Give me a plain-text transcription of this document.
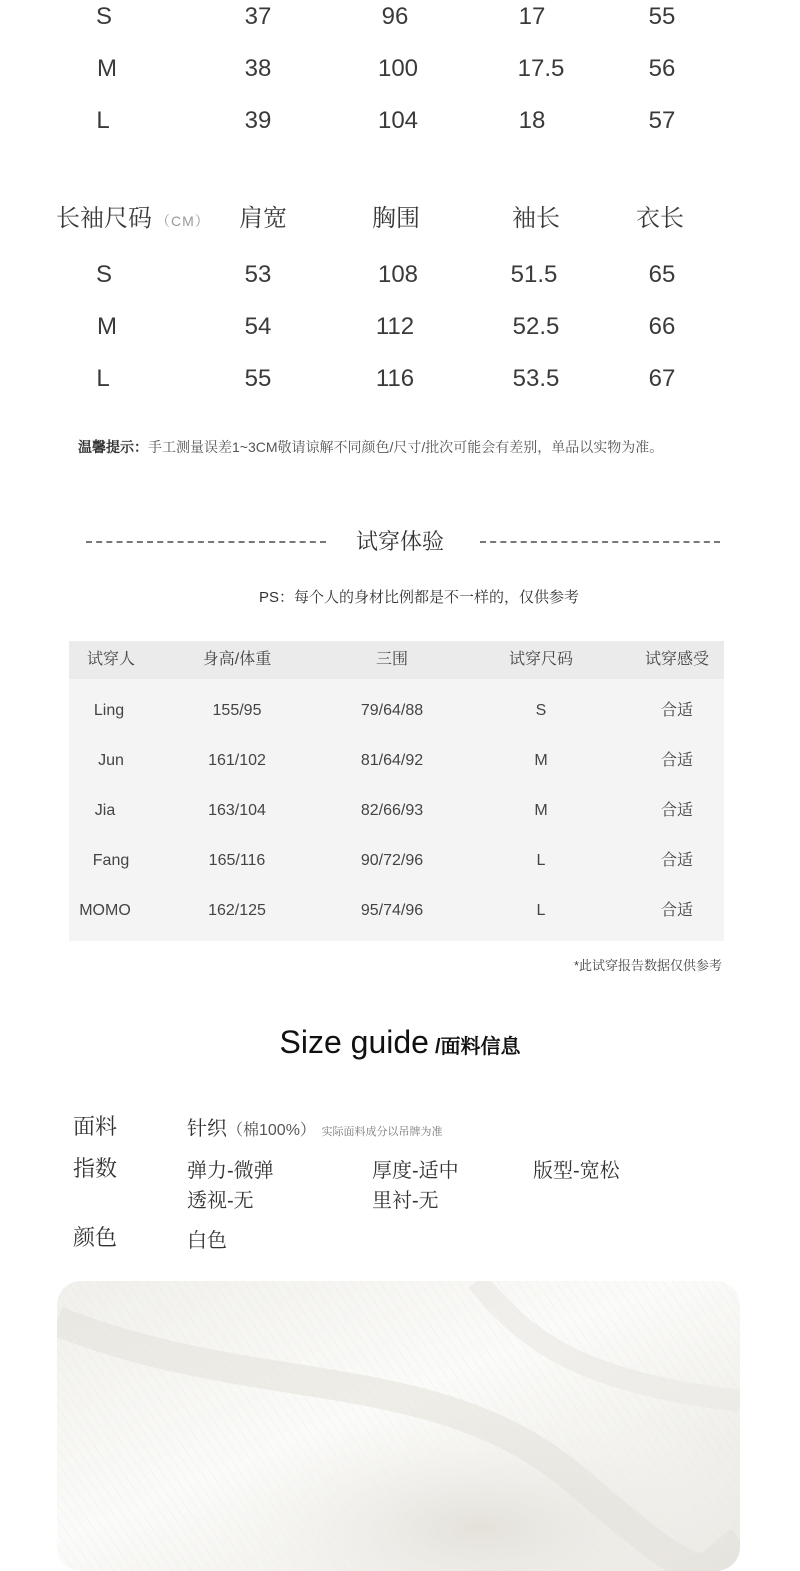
S	37	96	17	55
M	38	100	17.5	56
L	39	104	18	57
长袖尺码 （CM）	肩宽	胸围	袖长	衣长
S	53	108	51.5	65
M	54	112	52.5	66
L	55	116	53.5	67
温馨提示：手工测量误差1~3CM敬请谅解不同颜色/尺寸/批次可能会有差别，单品以实物为准。
试穿体验
PS：每个人的身材比例都是不一样的，仅供参考
试穿人	身高/体重	三围	试穿尺码	试穿感受
Ling	155/95	79/64/88	S	合适
Jun	161/102	81/64/92	M	合适
Jia	163/104	82/66/93	M	合适
Fang	165/116	90/72/96	L	合适
MOMO	162/125	95/74/96	L	合适
*此试穿报告数据仅供参考
Size guide /面料信息
面料	针织（棉100%） 实际面料成分以吊牌为准
指数	弹力-微弹	厚度-适中	版型-宽松
透视-无	里衬-无
颜色	白色
